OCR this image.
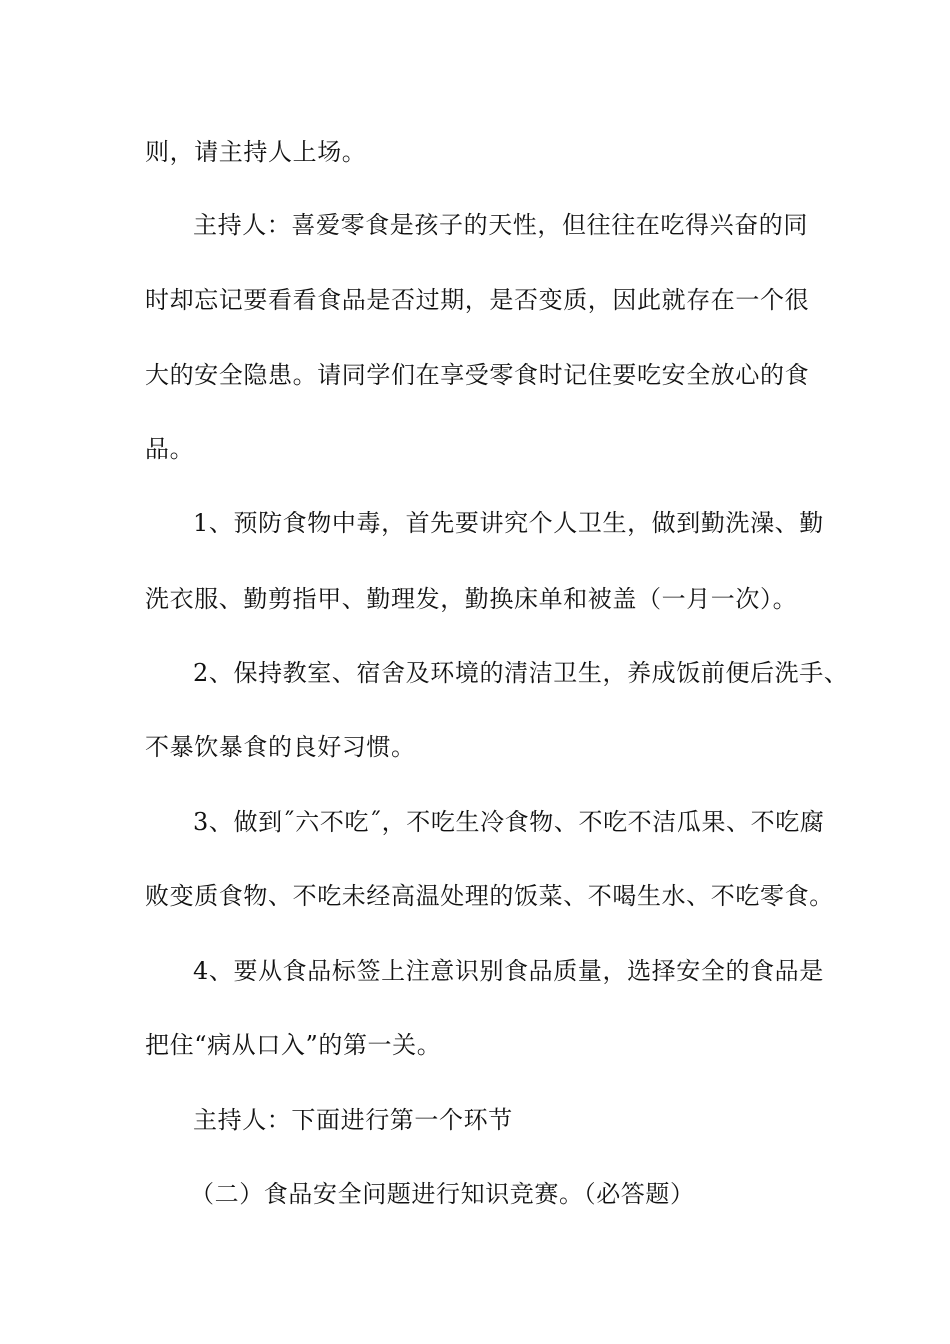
则，请主持人上场。
主持人：喜爱零食是孩子的天性，但往往在吃得兴奋的同
时却忘记要看看食品是否过期，是否变质，因此就存在一个很
大的安全隐患。请同学们在享受零食时记住要吃安全放心的食
品。
1、预防食物中毒，首先要讲究个人卫生，做到勤洗澡、勤
洗衣服、勤剪指甲、勤理发，勤换床单和被盖（一月一次）。
2、保持教室、宿舍及环境的清洁卫生，养成饭前便后洗手、
不暴饮暴食的良好习惯。
3、做到˝六不吃˝，不吃生冷食物、不吃不洁瓜果、不吃腐
败变质食物、不吃未经高温处理的饭菜、不喝生水、不吃零食。
4、要从食品标签上注意识别食品质量，选择安全的食品是
把住“病从口入”的第一关。
主持人：下面进行第一个环节
（二）食品安全问题进行知识竞赛。（必答题）
